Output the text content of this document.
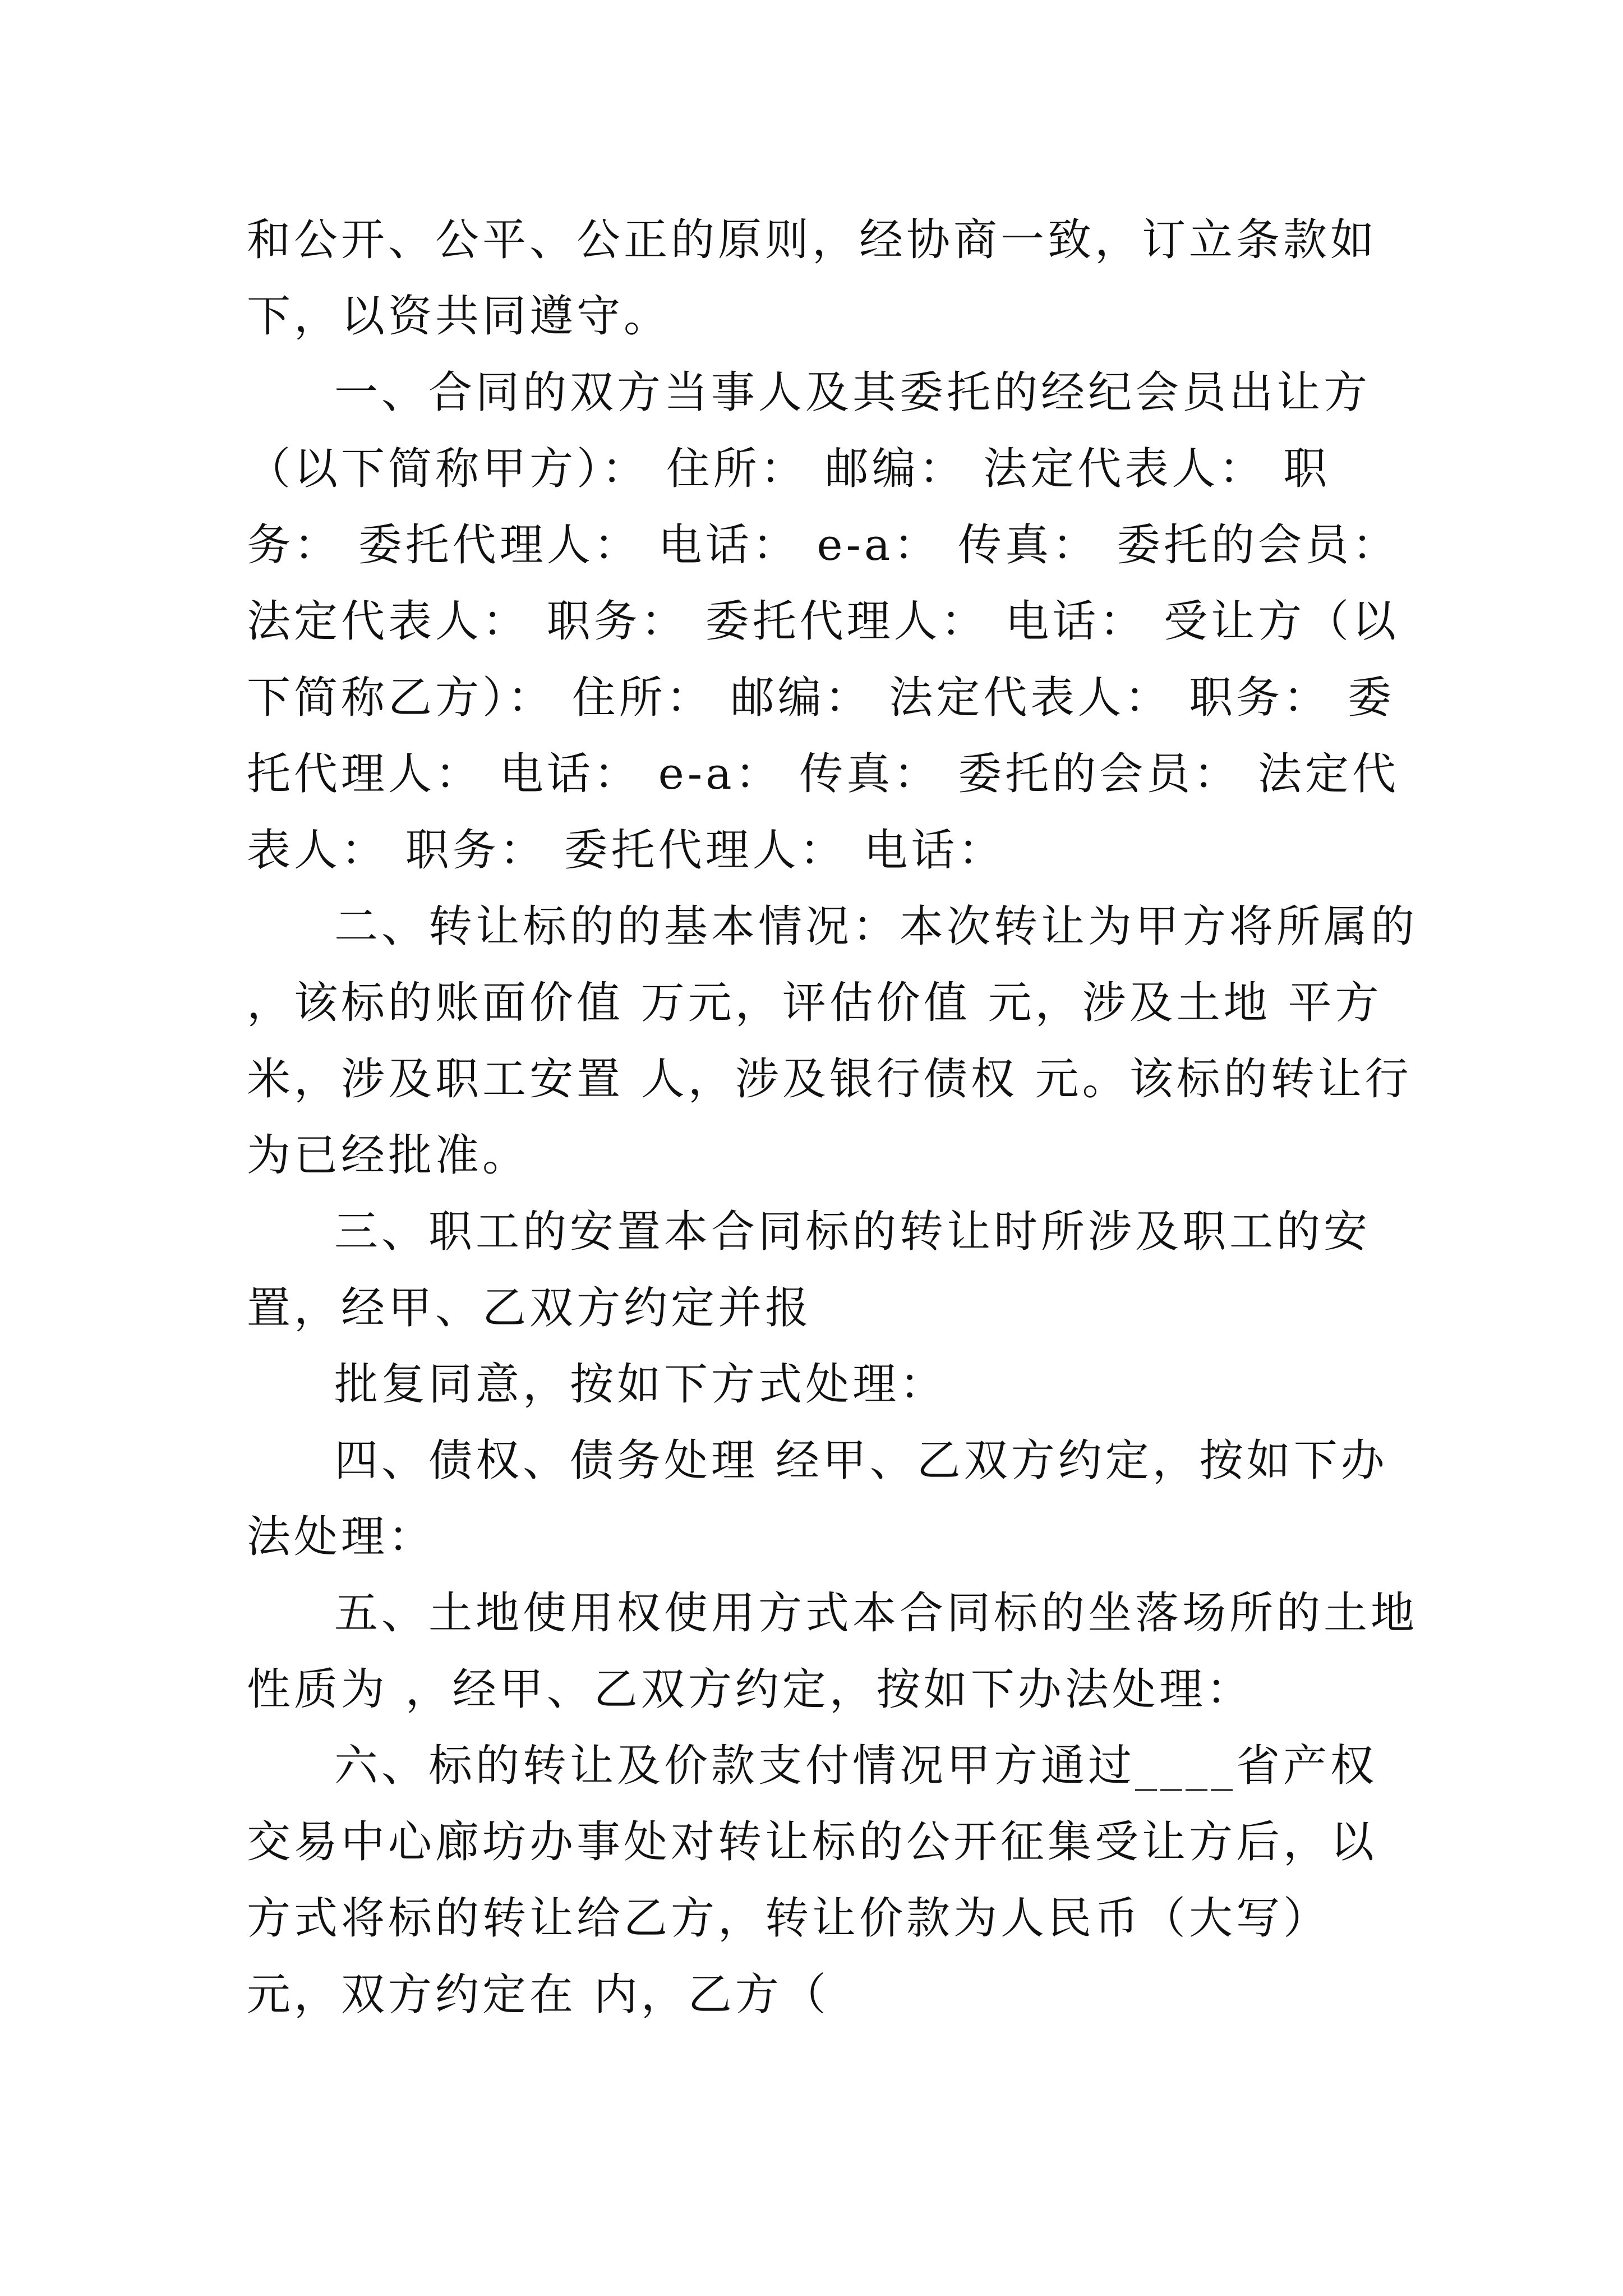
和公开、公平、公正的原则，经协商一致，订立条款如下，以资共同遵守。

一、合同的双方当事人及其委托的经纪会员出让方（以下简称甲方）： 住所： 邮编： 法定代表人： 职务： 委托代理人： 电话： e-a： 传真： 委托的会员： 法定代表人： 职务： 委托代理人： 电话： 受让方（以下简称乙方）： 住所： 邮编： 法定代表人： 职务： 委托代理人： 电话： e-a： 传真： 委托的会员： 法定代表人： 职务： 委托代理人： 电话：

二、转让标的的基本情况：本次转让为甲方将所属的 ，该标的账面价值 万元，评估价值 元，涉及土地 平方米，涉及职工安置 人，涉及银行债权 元。该标的转让行为已经批准。

三、职工的安置本合同标的转让时所涉及职工的安置，经甲、乙双方约定并报

批复同意，按如下方式处理：

四、债权、债务处理 经甲、乙双方约定，按如下办法处理：

五、土地使用权使用方式本合同标的坐落场所的土地性质为 ，经甲、乙双方约定，按如下办法处理：

六、标的转让及价款支付情况甲方通过____省产权交易中心廊坊办事处对转让标的公开征集受让方后，以 方式将标的转让给乙方，转让价款为人民币（大写） 元，双方约定在 内，乙方（
